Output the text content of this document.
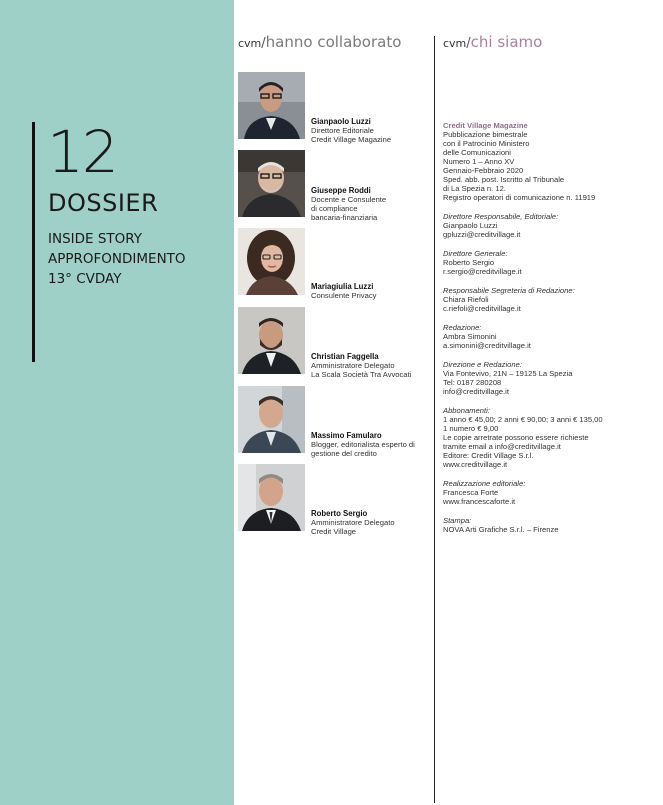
12
DOSSIER
INSIDE STORY
APPROFONDIMENTO
13° CVDAY
cvm/hanno collaborato	cvm/chi siamo
Gianpaolo Luzzi
Direttore Editoriale
Credit Village Magazine
Giuseppe Roddi
Docente e Consulente
di compliance
bancaria-finanziaria
Mariagiulia Luzzi
Consulente Privacy
Christian Faggella
Amministratore Delegato
La Scala Società Tra Avvocati
Massimo Famularo
Blogger, editorialista esperto di
gestione del credito
Roberto Sergio
Amministratore Delegato
Credit Village
Credit Village Magazine
Pubblicazione bimestrale
con il Patrocinio Ministero
delle Comunicazioni
Numero 1 – Anno XV
Gennaio-Febbraio 2020
Sped. abb. post. Iscritto al Tribunale
di La Spezia n. 12.
Registro operatori di comunicazione n. 11919
Direttore Responsabile, Editoriale:
Gianpaolo Luzzi
gpluzzi@creditvillage.it
Direttore Generale:
Roberto Sergio
r.sergio@creditvillage.it
Responsabile Segreteria di Redazione:
Chiara Riefoli
c.riefoli@creditvillage.it
Redazione:
Ambra Simonini
a.simonini@creditvillage.it
Direzione e Redazione:
Via Fontevivo, 21N – 19125 La Spezia
Tel: 0187 280208
info@creditvillage.it
Abbonamenti:
1 anno € 45,00; 2 anni € 90,00; 3 anni € 135,00
1 numero € 9,00
Le copie arretrate possono essere richieste
tramite email a info@creditvillage.it
Editore: Credit Village S.r.l.
www.creditvillage.it
Realizzazione editoriale:
Francesca Forte
www.francescaforte.it
Stampa:
NOVA Arti Grafiche S.r.l. – Firenze
